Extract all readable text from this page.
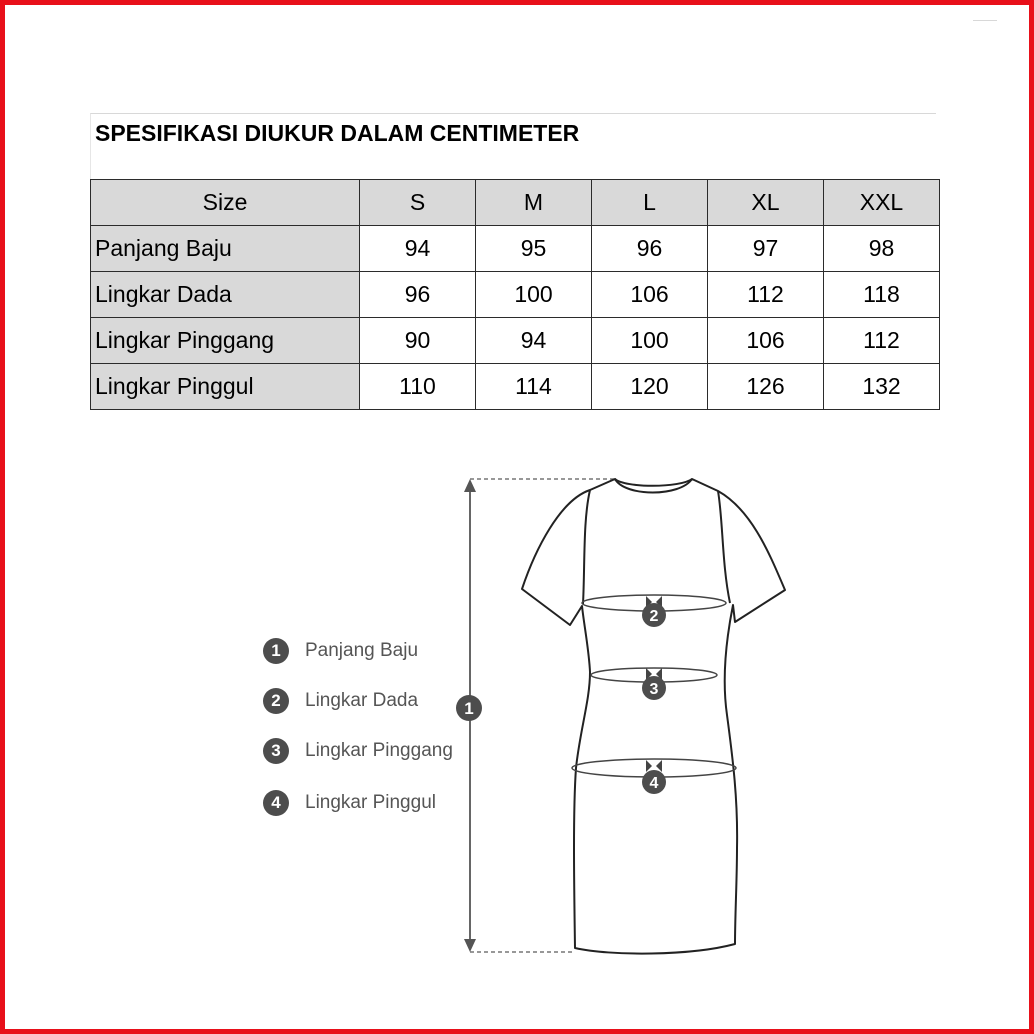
SPESIFIKASI DIUKUR DALAM CENTIMETER
Size	S	M	L	XL	XXL
Panjang Baju	94	95	96	97	98
Lingkar Dada	96	100	106	112	118
Lingkar Pinggang	90	94	100	106	112
Lingkar Pinggul	110	114	120	126	132
1	Panjang Baju
2	Lingkar Dada
3	Lingkar Pinggang
4	Lingkar Pinggul
1
2
3
4
